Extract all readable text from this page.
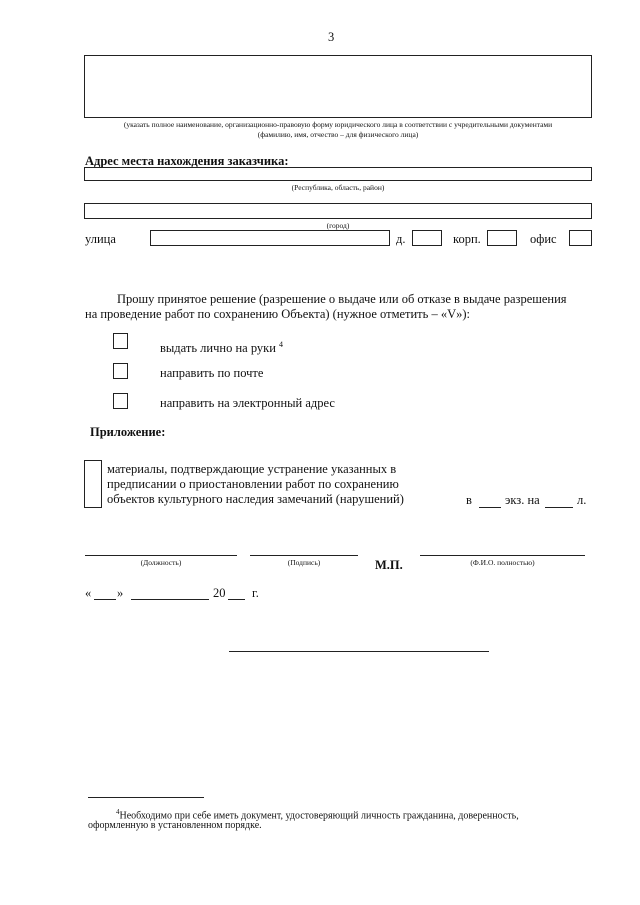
3
(указать полное наименование, организационно-правовую форму юридического лица в соответствии с учредительными документами
(фамилию, имя, отчество – для физического лица)
Адрес места нахождения заказчика:
(Республика, область, район)
(город)
улица	д.	корп.	офис
Прошу принятое решение (разрешение о выдаче или об отказе в выдаче разрешения
на проведение работ по сохранению Объекта) (нужное отметить – «V»):
выдать лично на руки $^4$
направить по почте
направить на электронный адрес
Приложение:
материалы, подтверждающие устранение указанных в
предписании о приостановлении работ по сохранению
объектов культурного наследия замечаний (нарушений)	в	экз. на	л.
(Должность)	(Подпись)	М.П.	(Ф.И.О. полностью)
« »	20 г.
$^4$Необходимо при себе иметь документ, удостоверяющий личность гражданина, доверенность,
оформленную в установленном порядке.
